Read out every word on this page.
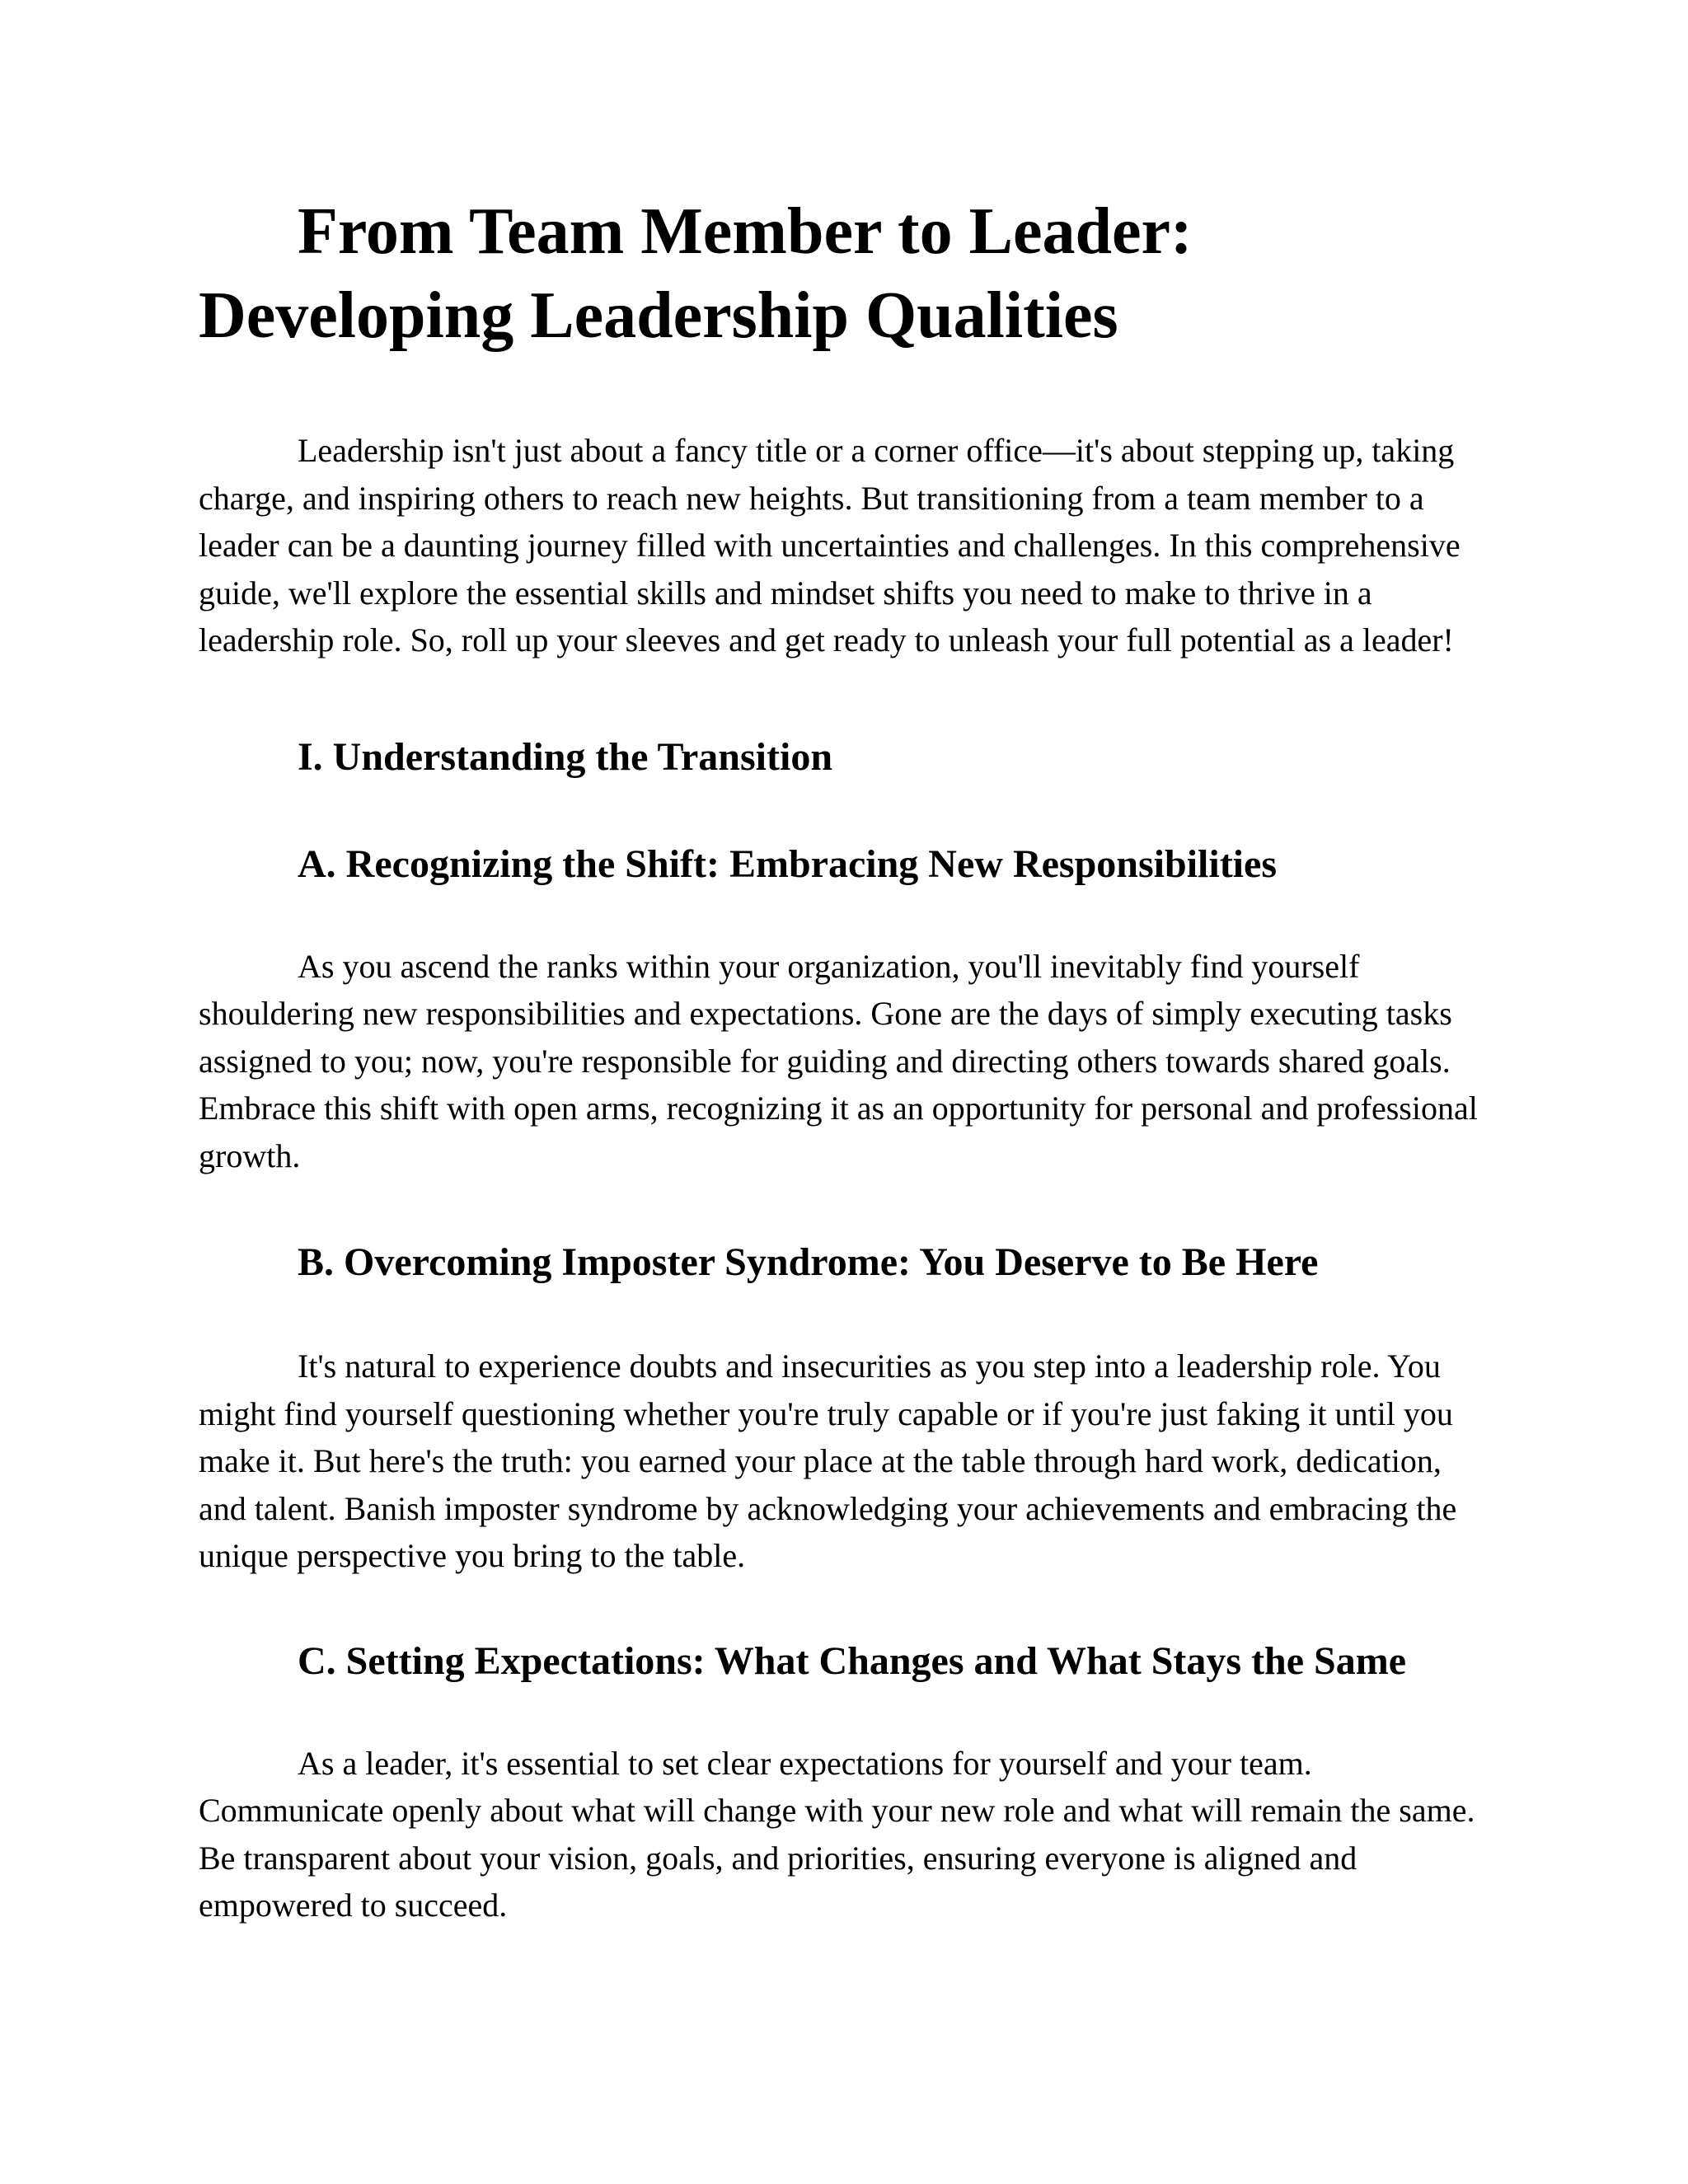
From Team Member to Leader: Developing Leadership Qualities

Leadership isn't just about a fancy title or a corner office—it's about stepping up, taking charge, and inspiring others to reach new heights. But transitioning from a team member to a leader can be a daunting journey filled with uncertainties and challenges. In this comprehensive guide, we'll explore the essential skills and mindset shifts you need to make to thrive in a leadership role. So, roll up your sleeves and get ready to unleash your full potential as a leader!

I. Understanding the Transition
A. Recognizing the Shift: Embracing New Responsibilities

As you ascend the ranks within your organization, you'll inevitably find yourself shouldering new responsibilities and expectations. Gone are the days of simply executing tasks assigned to you; now, you're responsible for guiding and directing others towards shared goals. Embrace this shift with open arms, recognizing it as an opportunity for personal and professional growth.

B. Overcoming Imposter Syndrome: You Deserve to Be Here

It's natural to experience doubts and insecurities as you step into a leadership role. You might find yourself questioning whether you're truly capable or if you're just faking it until you make it. But here's the truth: you earned your place at the table through hard work, dedication, and talent. Banish imposter syndrome by acknowledging your achievements and embracing the unique perspective you bring to the table.

C. Setting Expectations: What Changes and What Stays the Same

As a leader, it's essential to set clear expectations for yourself and your team. Communicate openly about what will change with your new role and what will remain the same. Be transparent about your vision, goals, and priorities, ensuring everyone is aligned and empowered to succeed.
